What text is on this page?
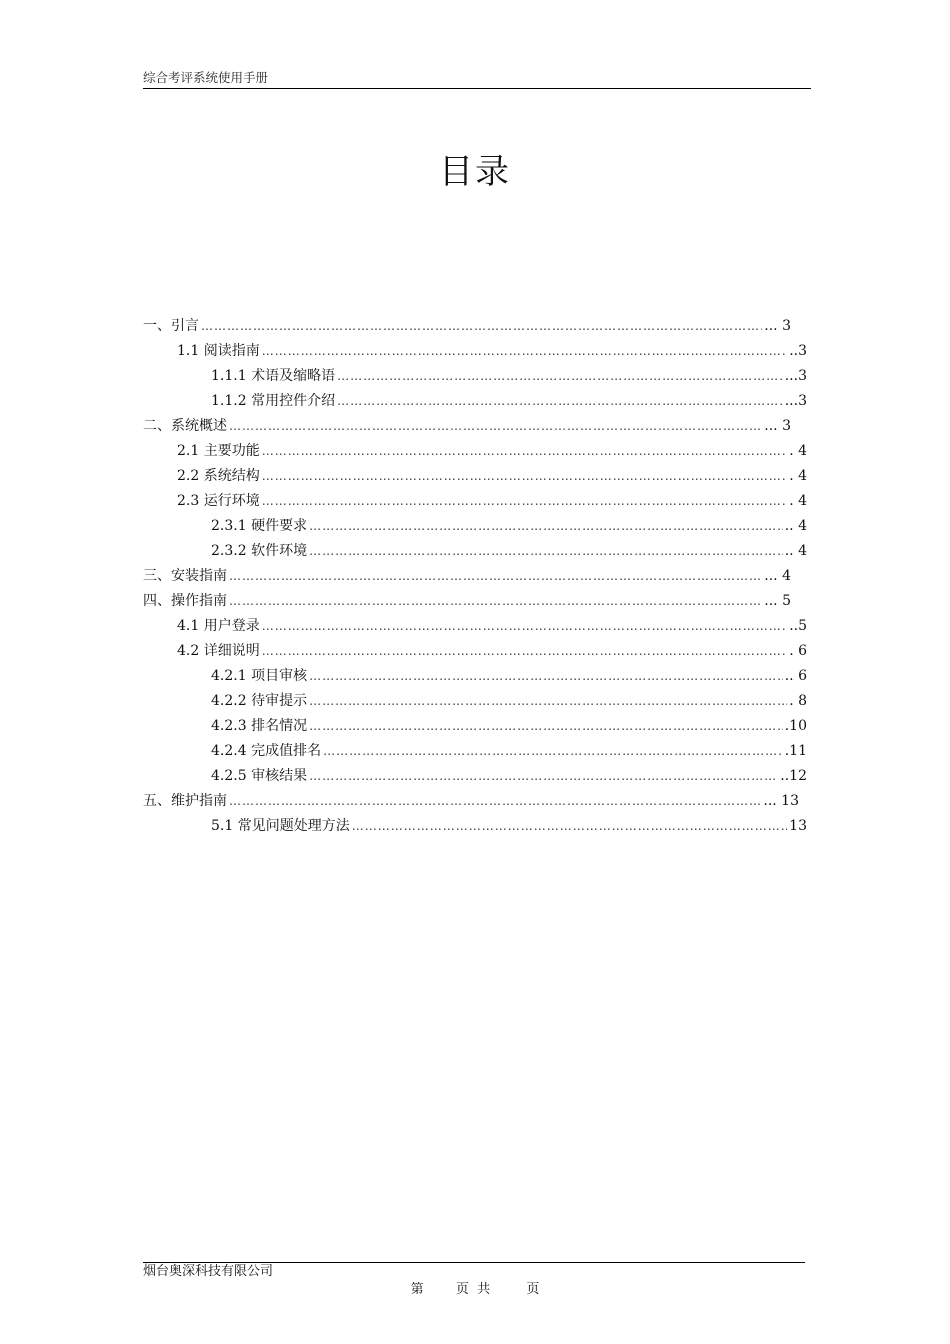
综合考评系统使用手册
目录
一、引言 ………………………………………………………………………………………………………………………………………………………………………………	... 3
1.1 阅读指南 ………………………………………………………………………………………………………………………………………………………………………………	..3
1.1.1 术语及缩略语 ………………………………………………………………………………………………………………………………………………………………………………	...3
1.1.2 常用控件介绍 ………………………………………………………………………………………………………………………………………………………………………………	...3
二、系统概述 ………………………………………………………………………………………………………………………………………………………………………………	... 3
2.1 主要功能 ………………………………………………………………………………………………………………………………………………………………………………	. 4
2.2 系统结构 ………………………………………………………………………………………………………………………………………………………………………………	. 4
2.3 运行环境 ………………………………………………………………………………………………………………………………………………………………………………	. 4
2.3.1 硬件要求 ………………………………………………………………………………………………………………………………………………………………………………	.. 4
2.3.2 软件环境 ………………………………………………………………………………………………………………………………………………………………………………	.. 4
三、安装指南 ………………………………………………………………………………………………………………………………………………………………………………	... 4
四、操作指南 ………………………………………………………………………………………………………………………………………………………………………………	... 5
4.1 用户登录 ………………………………………………………………………………………………………………………………………………………………………………	..5
4.2 详细说明 ………………………………………………………………………………………………………………………………………………………………………………	. 6
4.2.1 项目审核 ………………………………………………………………………………………………………………………………………………………………………………	.. 6
4.2.2 待审提示 ………………………………………………………………………………………………………………………………………………………………………………	. 8
4.2.3 排名情况 ………………………………………………………………………………………………………………………………………………………………………………	.10
4.2.4 完成值排名 ………………………………………………………………………………………………………………………………………………………………………………	.11
4.2.5 审核结果 ………………………………………………………………………………………………………………………………………………………………………………	..12
五、维护指南 ………………………………………………………………………………………………………………………………………………………………………………	... 13
5.1 常见问题处理方法 ………………………………………………………………………………………………………………………………………………………………………………	13
烟台奥深科技有限公司
第 页 共	页
